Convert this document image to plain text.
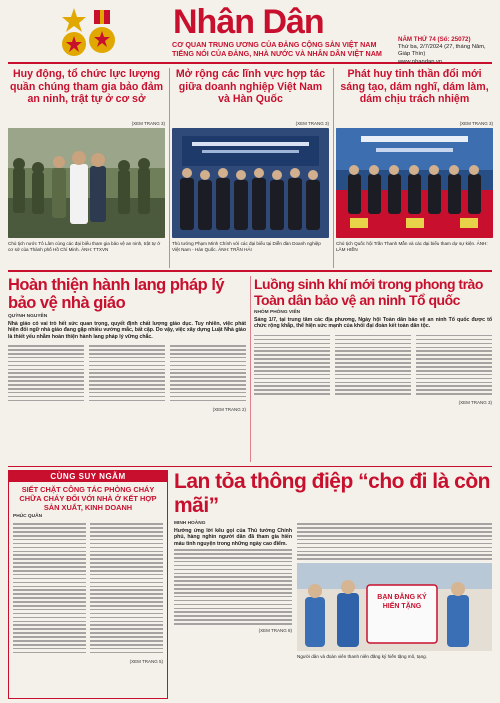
Nhân Dân
CƠ QUAN TRUNG ƯƠNG CỦA ĐẢNG CỘNG SẢN VIỆT NAM
TIẾNG NÓI CỦA ĐẢNG, NHÀ NƯỚC VÀ NHÂN DÂN VIỆT NAM
NĂM THỨ 74 (Số: 25072)
Thứ ba, 2/7/2024 (27, tháng Năm, Giáp Thìn)
www.nhandan.vn
Huy động, tổ chức lực lượng quần chúng tham gia bảo đảm an ninh, trật tự ở cơ sở
(XEM TRANG 3)
Chủ tịch nước Tô Lâm cùng các đại biểu tham gia bảo vệ an ninh, trật tự ở cơ sở của Thành phố Hồ Chí Minh. ẢNH: TTXVN
Mở rộng các lĩnh vực hợp tác giữa doanh nghiệp Việt Nam và Hàn Quốc
(XEM TRANG 3)
Thủ tướng Phạm Minh Chính với các đại biểu tại Diễn đàn Doanh nghiệp Việt Nam - Hàn Quốc. ẢNH: TRẦN HẢI
Phát huy tinh thần đổi mới sáng tạo, dám nghĩ, dám làm, dám chịu trách nhiệm
(XEM TRANG 3)
Chủ tịch Quốc hội Trần Thanh Mẫn và các đại biểu tham dự sự kiện. ẢNH: LÂM HIỀN
Hoàn thiện hành lang pháp lý bảo vệ nhà giáo
QUỲNH NGUYÊN
Nhà giáo có vai trò hết sức quan trọng, quyết định chất lượng giáo dục. Tuy nhiên, việc phát hiện đối ngữ nhà giáo đang gặp nhiều vướng mắc, bất cập. Do vậy, việc xây dựng Luật Nhà giáo là thiết yếu nhằm hoàn thiện hành lang pháp lý vững chắc.
(XEM TRANG 2)
Luồng sinh khí mới trong phong trào Toàn dân bảo vệ an ninh Tổ quốc
NHÓM PHÓNG VIÊN
Sáng 1/7, tại trung tâm các địa phương, Ngày hội Toàn dân bảo vệ an ninh Tổ quốc được tổ chức rộng khắp, thể hiện sức mạnh của khối đại đoàn kết toàn dân tộc.
(XEM TRANG 3)
CÙNG SUY NGẪM
SIẾT CHẶT CÔNG TÁC PHÒNG CHÁY CHỮA CHÁY ĐỐI VỚI NHÀ Ở KẾT HỢP SẢN XUẤT, KINH DOANH
PHÚC QUÂN
(XEM TRANG 5)
Lan tỏa thông điệp “cho đi là còn mãi”
MINH HOÀNG
Hưởng ứng lời kêu gọi của Thủ tướng Chính phủ, hàng nghìn người dân đã tham gia hiến máu tình nguyện trong những ngày cao điểm.
(XEM TRANG 8)
BẠN ĐĂNG KÝ HIẾN TẶNG
Người dân và đoàn viên thanh niên đăng ký hiến tặng mô, tạng.
